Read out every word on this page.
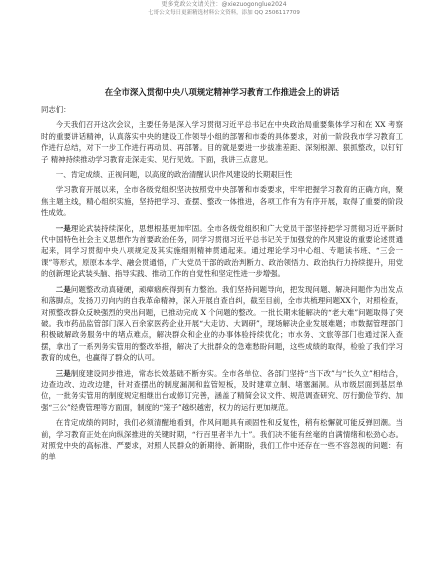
更多党政公文请关注：@xiezuogonglue2024
七哥公文每日更新精选材料公文资料，添加 QQ 2506117709
在全市深入贯彻中央八项规定精神学习教育工作推进会上的讲话
同志们：

今天我们召开这次会议，主要任务是深入学习贯彻习近平总书记在中央政治局重要集体学习和在 XX 考察时的重要讲话精神，认真落实中央的建设工作领导小组的部署和市委的具体要求，对前一阶段我市学习教育工作进行总结，对下一步工作进行再动员、再部署。目的就是要进一步拔准差距、深刻根源、狠抓整改，以钉钉子 精神持续推动学习教育走深走实、见行见效。下面，我讲三点意见。

一、肯定成绩、正视问题，以高度的政治清醒认识作风建设的长期艰巨性

学习教育开展以来，全市各级党组织坚决按照党中央部署和市委要求，牢牢把握学习教育的正确方向，聚焦主题主线，精心组织实施，坚持把学习、查摆、整改一体推进，各项工作有为有序开展，取得了重要的阶段性成效。

一是理论武装持续深化，思想根基更加牢固。全市各级党组织和广大党员干部坚持把学习贯彻习近平新时代中国特色社会主义思想作为首要政治任务，同学习贯彻习近平总书记关于加强党的作风建设的重要论述贯通起来，同学习贯彻中央八项规定及其实施细则精神贯通起来。通过理论学习中心组、专题读书班、“三会一课”等形式，原原本本学、融会贯通悟，广大党员干部的政治判断力、政治领悟力、政治执行力持续提升，用党的创新理论武装头脑、指导实践、推动工作的自觉性和坚定性进一步增强。

二是问题整改动真碰硬，顽瘴痼疾得到有力整治。我们坚持问题导向，把发现问题、解决问题作为出发点和落脚点，发扬刀刃向内的自我革命精神，深入开展自查自纠，截至目前，全市共梳理问题XX个，对照检查，对照整改群众反映强烈的突出问题，已推动完成 X 个问题的整改。一批长期未能解决的“老大难”问题取得了突破。我市药品监管部门深入百余家医药企业开展“大走访、大调研”，现场解决企业发展难题；市数据管理部门积极破解政务服务中的堵点难点，解决群众和企业的办事体验持续优化；市水务、文旅等部门也通过深入查摆，拿出了一系列务实管用的整改举措，解决了大批群众的急难愁盼问题，这些成绩的取得，检验了我们学习教育的成色，也赢得了群众的认可。

三是制度建设同步推进，常态长效基础不断夯实。全市各单位、各部门坚持“当下改”与“长久立”相结合，边查边改、边改边建，针对查摆出的制度漏洞和监管短板，及时建章立制、堵塞漏洞。从市级层面到基层单位，一批务实管用的制度规定相继出台或修订完善，涵盖了精简会议文件、规范调查研究、厉行勤俭节约、加强“三公”经费管理等方面面，制度的“笼子”越织越密，权力的运行更加规范。

在肯定成绩的同时，我们必须清醒地看到，作风问题具有顽固性和反复性，稍有松懈就可能反弹回潮。当前，学习教育正处在向纵深推进的关键时期，“行百里者半九十”。我们决不能有丝毫的自满情绪和松劲心态。对照党中央的高标准、严要求，对照人民群众的新期待、新期盼，我们工作中还存在一些不容忽视的问题：有的单
